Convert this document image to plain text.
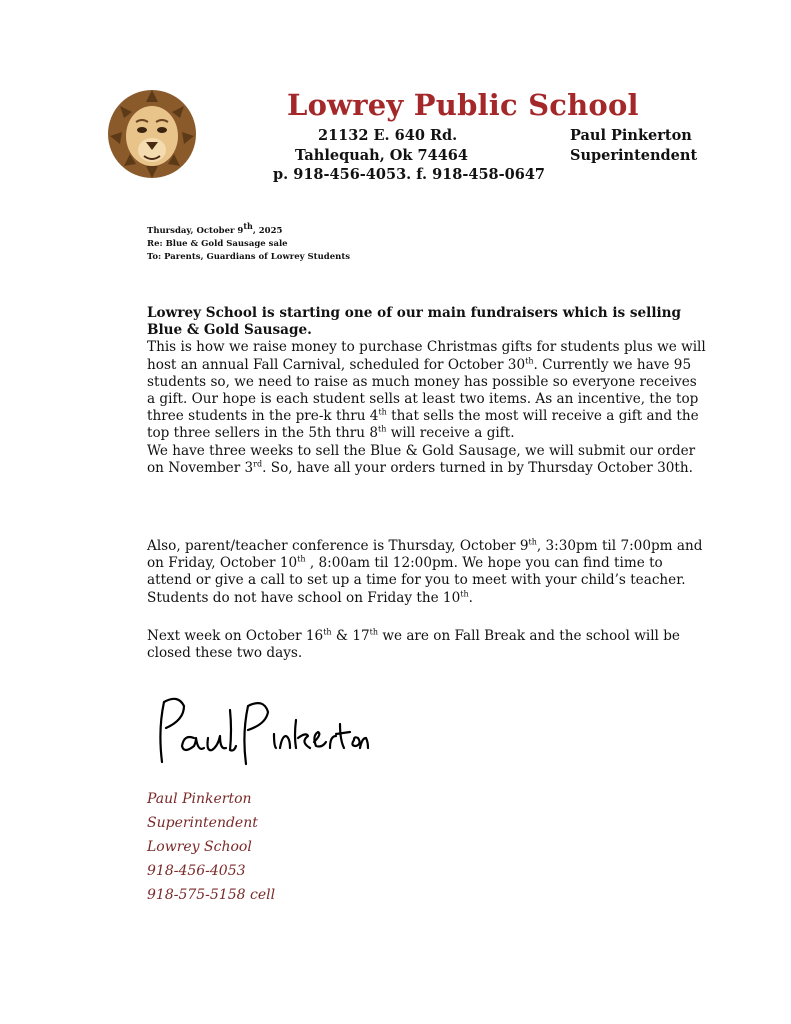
Lowrey Public School
21132 E. 640 Rd.
Tahlequah, Ok 74464
p. 918-456-4053. f. 918-458-0647
Paul Pinkerton
Superintendent
Thursday, October 9th, 2025
Re: Blue & Gold Sausage sale
To: Parents, Guardians of Lowrey Students
Lowrey School is starting one of our main fundraisers which is selling Blue & Gold Sausage.
This is how we raise money to purchase Christmas gifts for students plus we will host an annual Fall Carnival, scheduled for October 30th. Currently we have 95 students so, we need to raise as much money has possible so everyone receives a gift. Our hope is each student sells at least two items. As an incentive, the top three students in the pre-k thru 4th that sells the most will receive a gift and the top three sellers in the 5th thru 8th will receive a gift.
We have three weeks to sell the Blue & Gold Sausage, we will submit our order on November 3rd. So, have all your orders turned in by Thursday October 30th.
Also, parent/teacher conference is Thursday, October 9th, 3:30pm til 7:00pm and on Friday, October 10th , 8:00am til 12:00pm. We hope you can find time to attend or give a call to set up a time for you to meet with your child’s teacher. Students do not have school on Friday the 10th.
Next week on October 16th & 17th we are on Fall Break and the school will be closed these two days.
Paul Pinkerton
Superintendent
Lowrey School
918-456-4053
918-575-5158 cell
